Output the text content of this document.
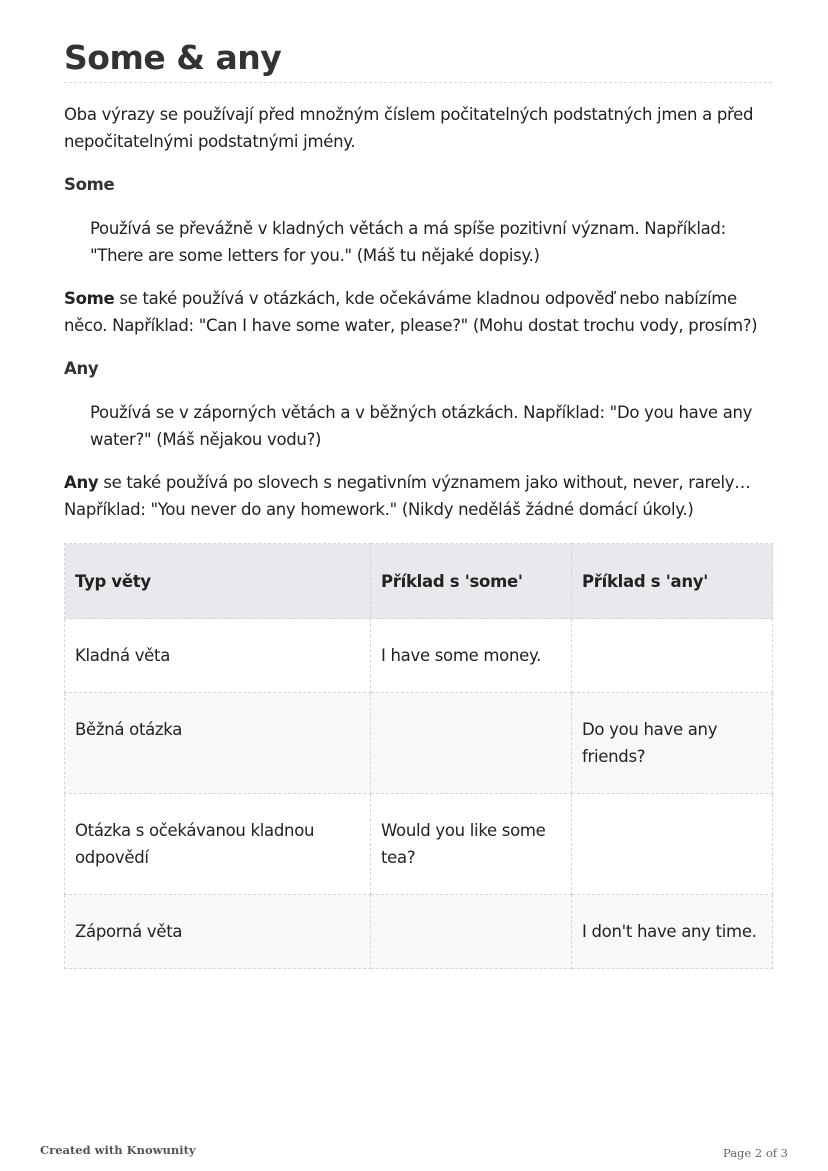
Some & any

Oba výrazy se používají před množným číslem počitatelných podstatných jmen a před nepočitatelnými podstatnými jmény.

Some

Používá se převážně v kladných větách a má spíše pozitivní význam. Například: "There are some letters for you." (Máš tu nějaké dopisy.)

Some se také používá v otázkách, kde očekáváme kladnou odpověď nebo nabízíme něco. Například: "Can I have some water, please?" (Mohu dostat trochu vody, prosím?)

Any

Používá se v záporných větách a v běžných otázkách. Například: "Do you have any water?" (Máš nějakou vodu?)

Any se také používá po slovech s negativním významem jako without, never, rarely… Například: "You never do any homework." (Nikdy neděláš žádné domácí úkoly.)

Typ věty	Příklad s 'some'	Příklad s 'any'
Kladná věta	I have some money.	
Běžná otázka		Do you have any friends?
Otázka s očekávanou kladnou odpovědí	Would you like some tea?	
Záporná věta		I don't have any time.
Created with Knowunity	Page 2 of 3
